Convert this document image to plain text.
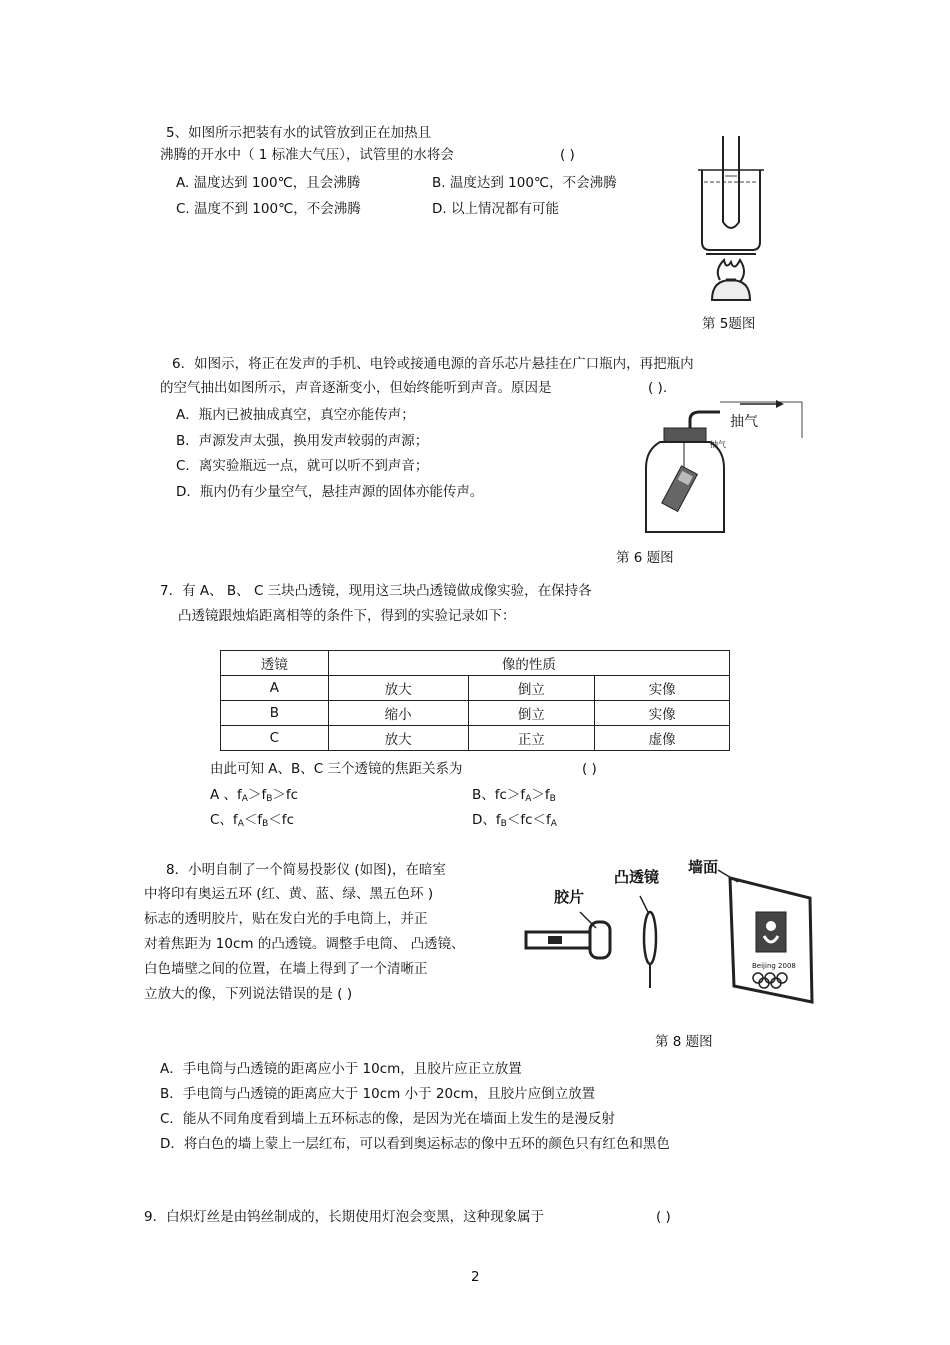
5、如图所示把装有水的试管放到正在加热且
沸腾的开水中（ 1 标准大气压），试管里的水将会	( )
A. 温度达到 100℃，且会沸腾	B. 温度达到 100℃，不会沸腾
C. 温度不到 100℃，不会沸腾	D. 以上情况都有可能
第 5题图
6．如图示，将正在发声的手机、电铃或接通电源的音乐芯片悬挂在广口瓶内，再把瓶内
的空气抽出如图所示，声音逐渐变小，但始终能听到声音。原因是	( ).
A．瓶内已被抽成真空，真空亦能传声；
B．声源发声太强，换用发声较弱的声源；
C．离实验瓶远一点，就可以听不到声音；
D．瓶内仍有少量空气，悬挂声源的固体亦能传声。
抽气
抽气
第 6 题图
7．有 A、 B、 C 三块凸透镜，现用这三块凸透镜做成像实验，在保持各
凸透镜跟烛焰距离相等的条件下，得到的实验记录如下：
透镜	像的性质		
A	放大	倒立	实像
B	缩小	倒立	实像
C	放大	正立	虚像
由此可知 A、B、C 三个透镜的焦距关系为	( )
A 、$f_A>f_B>fc$	B、$fc>f_A>f_B$
C、$f_A<f_B<fc$	D、$f_B<fc<f_A$
8．小明自制了一个简易投影仪 (如图)，在暗室
中将印有奥运五环 (红、黄、蓝、绿、黑五色环 )
标志的透明胶片，贴在发白光的手电筒上，并正
对着焦距为 10cm 的凸透镜。调整手电筒、 凸透镜、
白色墙壁之间的位置，在墙上得到了一个清晰正
立放大的像，下列说法错误的是 ( )
胶片
凸透镜
墙面
Beijing 2008
第 8 题图
A．手电筒与凸透镜的距离应小于 10cm，且胶片应正立放置
B．手电筒与凸透镜的距离应大于 10cm 小于 20cm，且胶片应倒立放置
C．能从不同角度看到墙上五环标志的像，是因为光在墙面上发生的是漫反射
D．将白色的墙上蒙上一层红布，可以看到奥运标志的像中五环的颜色只有红色和黑色
9．白炽灯丝是由钨丝制成的，长期使用灯泡会变黑，这种现象属于	( )
2
